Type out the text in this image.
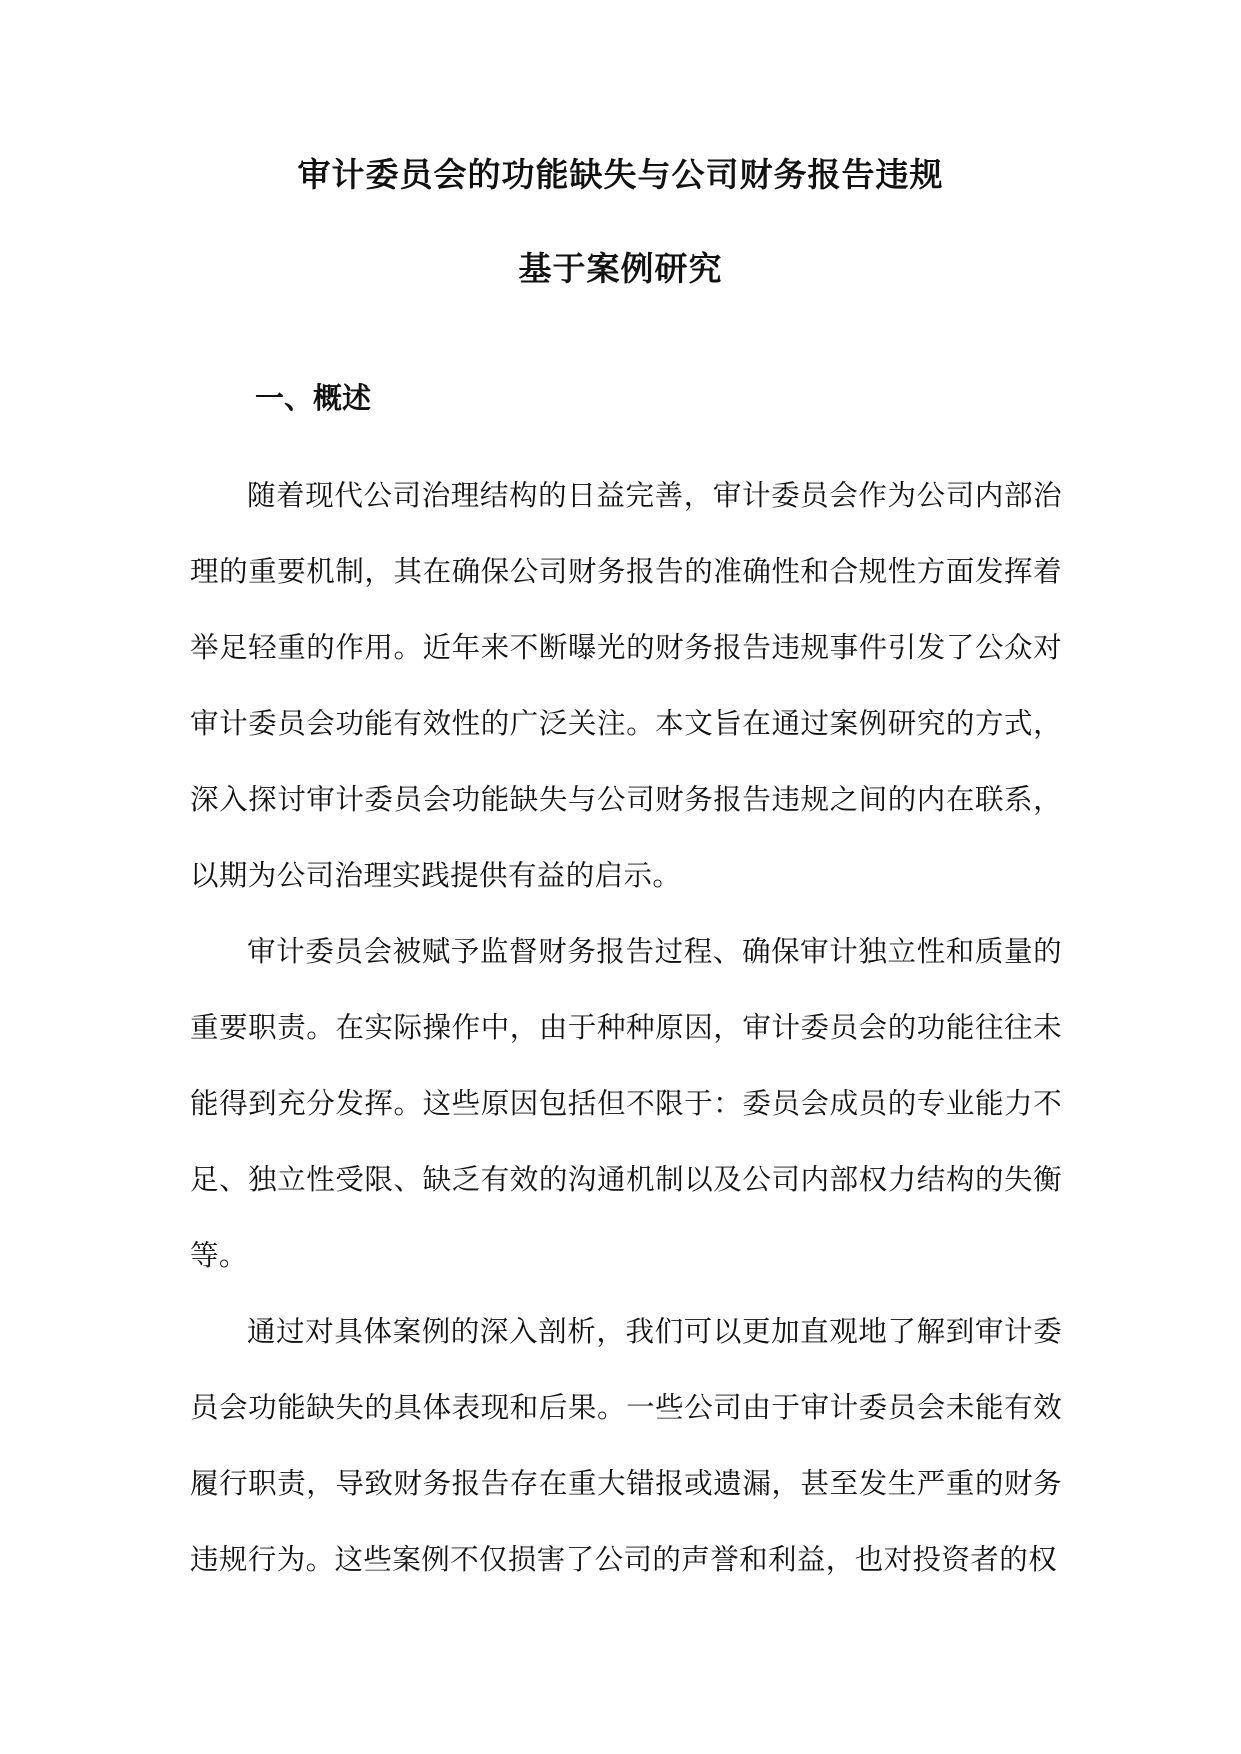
审计委员会的功能缺失与公司财务报告违规
基于案例研究
一、概述

随着现代公司治理结构的日益完善，审计委员会作为公司内部治理的重要机制，其在确保公司财务报告的准确性和合规性方面发挥着举足轻重的作用。近年来不断曝光的财务报告违规事件引发了公众对审计委员会功能有效性的广泛关注。本文旨在通过案例研究的方式，深入探讨审计委员会功能缺失与公司财务报告违规之间的内在联系，以期为公司治理实践提供有益的启示。

审计委员会被赋予监督财务报告过程、确保审计独立性和质量的重要职责。在实际操作中，由于种种原因，审计委员会的功能往往未能得到充分发挥。这些原因包括但不限于：委员会成员的专业能力不足、独立性受限、缺乏有效的沟通机制以及公司内部权力结构的失衡等。

通过对具体案例的深入剖析，我们可以更加直观地了解到审计委员会功能缺失的具体表现和后果。一些公司由于审计委员会未能有效履行职责，导致财务报告存在重大错报或遗漏，甚至发生严重的财务违规行为。这些案例不仅损害了公司的声誉和利益，也对投资者的权
